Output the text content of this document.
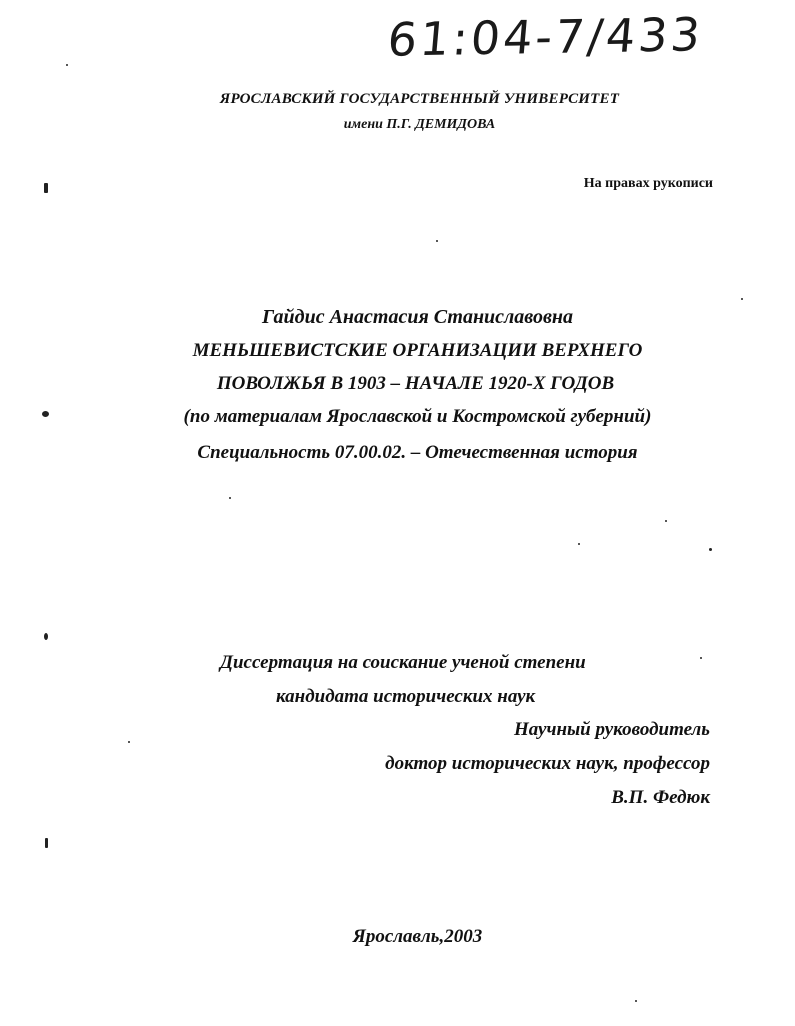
61:04-7/433
ЯРОСЛАВСКИЙ ГОСУДАРСТВЕННЫЙ УНИВЕРСИТЕТ
имени П.Г. ДЕМИДОВА
На правах рукописи
Гайдис Анастасия Станиславовна
МЕНЬШЕВИСТСКИЕ ОРГАНИЗАЦИИ ВЕРХНЕГО
ПОВОЛЖЬЯ В 1903 – НАЧАЛЕ 1920-Х ГОДОВ
(по материалам Ярославской и Костромской губерний)
Специальность 07.00.02. – Отечественная история
Диссертация на соискание ученой степени
кандидата исторических наук
Научный руководитель
доктор исторических наук, профессор
В.П. Федюк
Ярославль,2003
